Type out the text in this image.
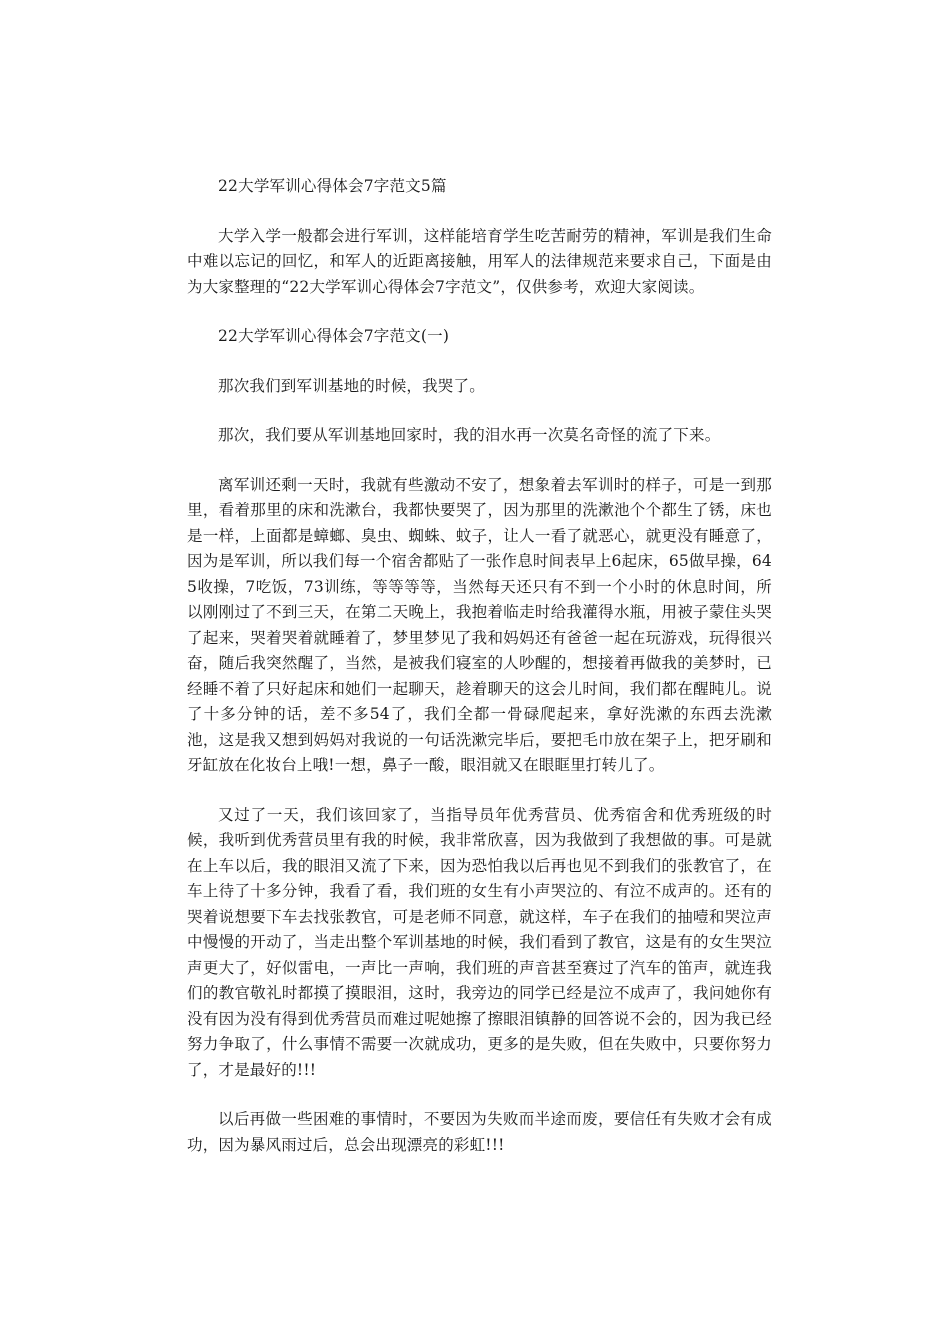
22大学军训心得体会7字范文5篇

大学入学一般都会进行军训，这样能培育学生吃苦耐劳的精神，军训是我们生命中难以忘记的回忆，和军人的近距离接触，用军人的法律规范来要求自己，下面是由为大家整理的“22大学军训心得体会7字范文”，仅供参考，欢迎大家阅读。

22大学军训心得体会7字范文(一)

那次我们到军训基地的时候，我哭了。

那次，我们要从军训基地回家时，我的泪水再一次莫名奇怪的流了下来。

离军训还剩一天时，我就有些激动不安了，想象着去军训时的样子，可是一到那里，看着那里的床和洗漱台，我都快要哭了，因为那里的洗漱池个个都生了锈，床也是一样，上面都是蟑螂、臭虫、蜘蛛、蚊子，让人一看了就恶心，就更没有睡意了，因为是军训，所以我们每一个宿舍都贴了一张作息时间表早上6起床，65做早操，645收操，7吃饭，73训练，等等等等，当然每天还只有不到一个小时的休息时间，所以刚刚过了不到三天，在第二天晚上，我抱着临走时给我灌得水瓶，用被子蒙住头哭了起来，哭着哭着就睡着了，梦里梦见了我和妈妈还有爸爸一起在玩游戏，玩得很兴奋，随后我突然醒了，当然，是被我们寝室的人吵醒的，想接着再做我的美梦时，已经睡不着了只好起床和她们一起聊天，趁着聊天的这会儿时间，我们都在醒盹儿。说了十多分钟的话，差不多54了，我们全都一骨碌爬起来，拿好洗漱的东西去洗漱池，这是我又想到妈妈对我说的一句话洗漱完毕后，要把毛巾放在架子上，把牙刷和牙缸放在化妆台上哦!一想，鼻子一酸，眼泪就又在眼眶里打转儿了。

又过了一天，我们该回家了，当指导员年优秀营员、优秀宿舍和优秀班级的时候，我听到优秀营员里有我的时候，我非常欣喜，因为我做到了我想做的事。可是就在上车以后，我的眼泪又流了下来，因为恐怕我以后再也见不到我们的张教官了，在车上待了十多分钟，我看了看，我们班的女生有小声哭泣的、有泣不成声的。还有的哭着说想要下车去找张教官，可是老师不同意，就这样，车子在我们的抽噎和哭泣声中慢慢的开动了，当走出整个军训基地的时候，我们看到了教官，这是有的女生哭泣声更大了，好似雷电，一声比一声响，我们班的声音甚至赛过了汽车的笛声，就连我们的教官敬礼时都摸了摸眼泪，这时，我旁边的同学已经是泣不成声了，我问她你有没有因为没有得到优秀营员而难过呢她擦了擦眼泪镇静的回答说不会的，因为我已经努力争取了，什么事情不需要一次就成功，更多的是失败，但在失败中，只要你努力了，才是最好的!!!

以后再做一些困难的事情时，不要因为失败而半途而废，要信任有失败才会有成功，因为暴风雨过后，总会出现漂亮的彩虹!!!
